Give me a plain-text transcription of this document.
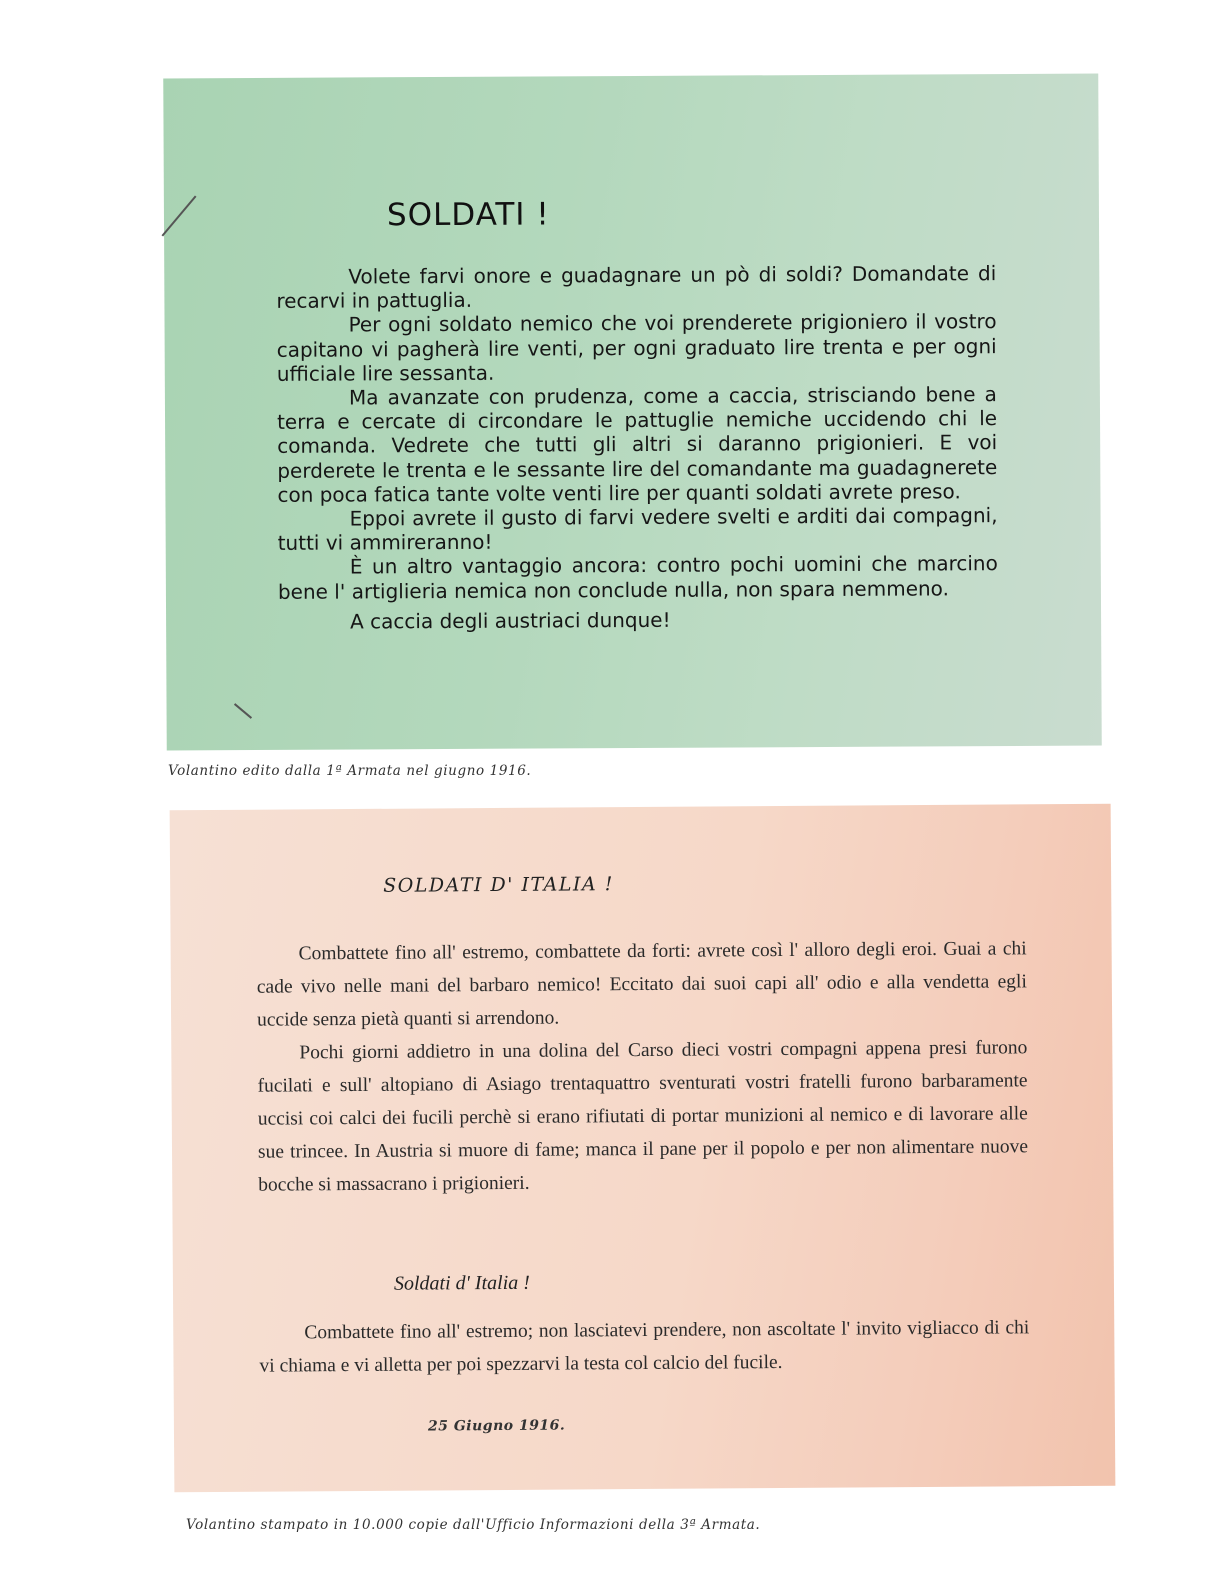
SOLDATI !

Volete farvi onore e guadagnare un pò di soldi? Domandate di recarvi in pattuglia.

Per ogni soldato nemico che voi prenderete prigioniero il vostro capitano vi pagherà lire venti, per ogni graduato lire trenta e per ogni ufficiale lire sessanta.

Ma avanzate con prudenza, come a caccia, strisciando bene a terra e cercate di circondare le pattuglie nemiche uccidendo chi le comanda. Vedrete che tutti gli altri si daranno prigionieri. E voi perderete le trenta e le sessante lire del comandante ma guadagnerete con poca fatica tante volte venti lire per quanti soldati avrete preso.

Eppoi avrete il gusto di farvi vedere svelti e arditi dai compagni, tutti vi ammireranno!

È un altro vantaggio ancora: contro pochi uomini che marcino bene l' artiglieria nemica non conclude nulla, non spara nemmeno.

A caccia degli austriaci dunque!

Volantino edito dalla 1ª Armata nel giugno 1916.
SOLDATI D' ITALIA !

Combattete fino all' estremo, combattete da forti: avrete così l' alloro degli eroi. Guai a chi cade vivo nelle mani del barbaro nemico! Eccitato dai suoi capi all' odio e alla vendetta egli uccide senza pietà quanti si arrendono.

Pochi giorni addietro in una dolina del Carso dieci vostri compagni appena presi furono fucilati e sull' altopiano di Asiago trentaquattro sventurati vostri fratelli furono barbaramente uccisi coi calci dei fucili perchè si erano rifiutati di portar munizioni al nemico e di lavorare alle sue trincee. In Austria si muore di fame; manca il pane per il popolo e per non alimentare nuove bocche si massacrano i prigionieri.

Soldati d' Italia !

Combattete fino all' estremo; non lasciatevi prendere, non ascoltate l' invito vigliacco di chi vi chiama e vi alletta per poi spezzarvi la testa col calcio del fucile.

25 Giugno 1916.
Volantino stampato in 10.000 copie dall'Ufficio Informazioni della 3ª Armata.
